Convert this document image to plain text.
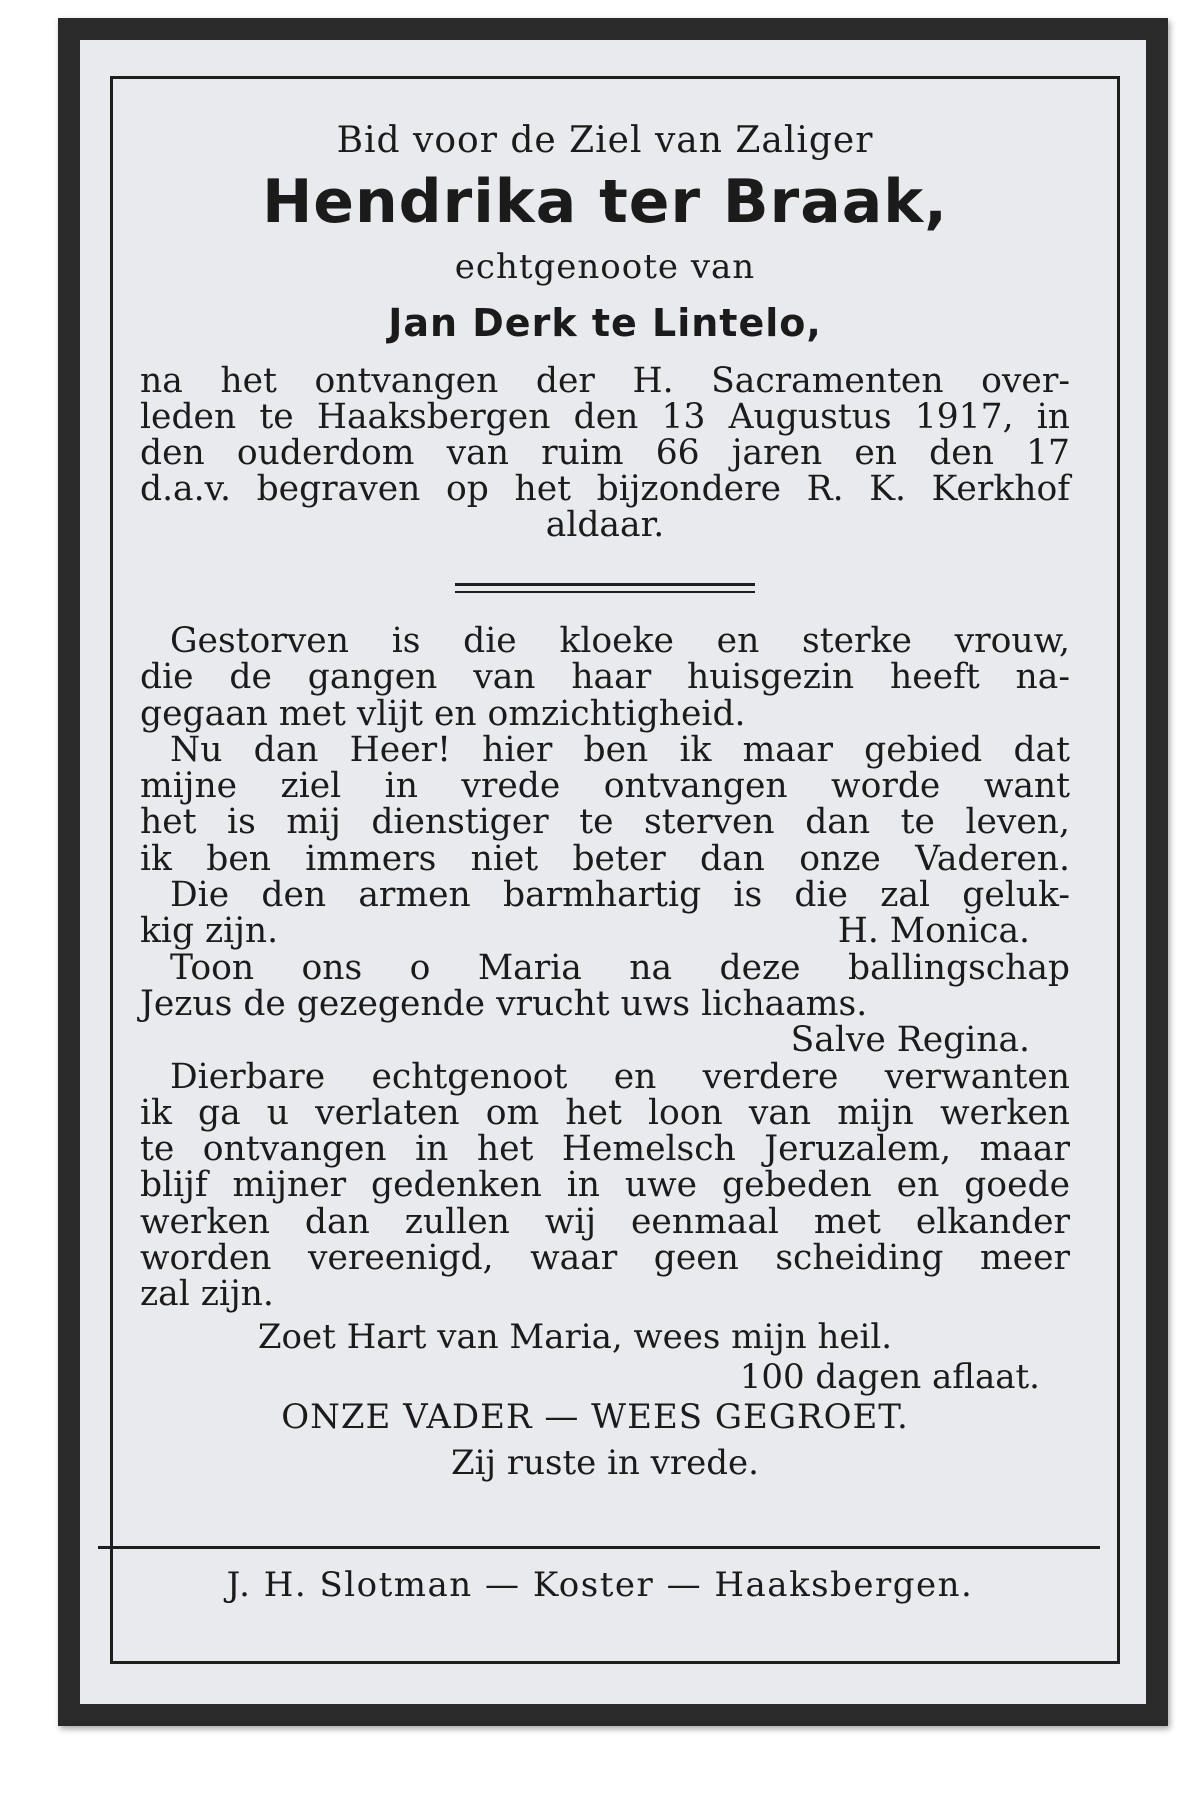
Bid voor de Ziel van Zaliger

Hendrika ter Braak,

echtgenoote van

Jan Derk te Lintelo,
na het ontvangen der H. Sacramenten over-
leden te Haaksbergen den 13 Augustus 1917, in
den ouderdom van ruim 66 jaren en den 17
d.a.v. begraven op het bijzondere R. K. Kerkhof
aldaar.
Gestorven is die kloeke en sterke vrouw,
die de gangen van haar huisgezin heeft na-
gegaan met vlijt en omzichtigheid.
Nu dan Heer! hier ben ik maar gebied dat
mijne ziel in vrede ontvangen worde want
het is mij dienstiger te sterven dan te leven,
ik ben immers niet beter dan onze Vaderen.
Die den armen barmhartig is die zal geluk-
kig zijn.	H. Monica.
Toon ons o Maria na deze ballingschap
Jezus de gezegende vrucht uws lichaams.
Salve Regina.
Dierbare echtgenoot en verdere verwanten
ik ga u verlaten om het loon van mijn werken
te ontvangen in het Hemelsch Jeruzalem, maar
blijf mijner gedenken in uwe gebeden en goede
werken dan zullen wij eenmaal met elkander
worden vereenigd, waar geen scheiding meer
zal zijn.
Zoet Hart van Maria, wees mijn heil.
100 dagen aflaat.
ONZE VADER — WEES GEGROET.
Zij ruste in vrede.
J. H. Slotman — Koster — Haaksbergen.
